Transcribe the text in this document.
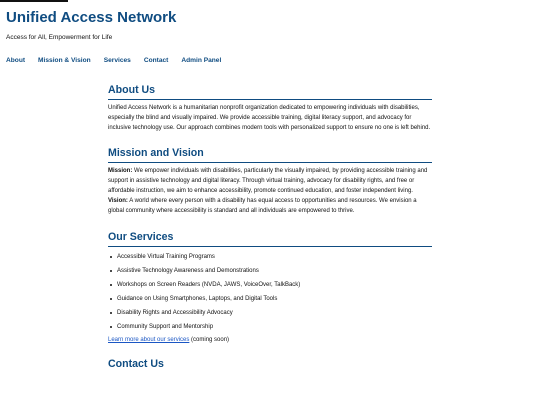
Unified Access Network

Access for All, Empowerment for Life

About Mission & Vision Services Contact Admin Panel
About Us

Unified Access Network is a humanitarian nonprofit organization dedicated to empowering individuals with disabilities, especially the blind and visually impaired. We provide accessible training, digital literacy support, and advocacy for inclusive technology use. Our approach combines modern tools with personalized support to ensure no one is left behind.

Mission and Vision

Mission: We empower individuals with disabilities, particularly the visually impaired, by providing accessible training and support in assistive technology and digital literacy. Through virtual training, advocacy for disability rights, and free or affordable instruction, we aim to enhance accessibility, promote continued education, and foster independent living.

Vision: A world where every person with a disability has equal access to opportunities and resources. We envision a global community where accessibility is standard and all individuals are empowered to thrive.

Our Services
Accessible Virtual Training Programs
Assistive Technology Awareness and Demonstrations
Workshops on Screen Readers (NVDA, JAWS, VoiceOver, TalkBack)
Guidance on Using Smartphones, Laptops, and Digital Tools
Disability Rights and Accessibility Advocacy
Community Support and Mentorship

Learn more about our services (coming soon)

Contact Us
